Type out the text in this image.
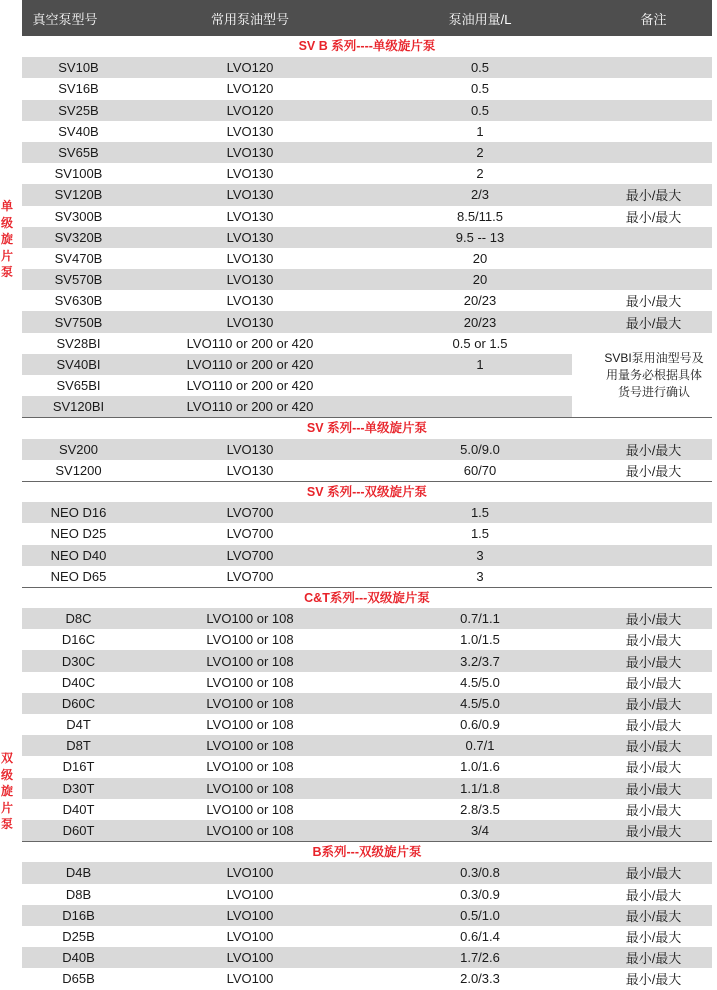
单级旋片泵
双级旋片泵
真空泵型号	常用泵油型号	泵油用量/L	备注
SV B 系列----单级旋片泵
SV10B	LVO120	0.5
SV16B	LVO120	0.5
SV25B	LVO120	0.5
SV40B	LVO130	1
SV65B	LVO130	2
SV100B	LVO130	2
SV120B	LVO130	2/3	最小/最大
SV300B	LVO130	8.5/11.5	最小/最大
SV320B	LVO130	9.5 -- 13
SV470B	LVO130	20
SV570B	LVO130	20
SV630B	LVO130	20/23	最小/最大
SV750B	LVO130	20/23	最小/最大
SV28BI	LVO110 or 200 or 420	0.5 or 1.5
SV40BI	LVO110 or 200 or 420	1
SV65BI	LVO110 or 200 or 420
SV120BI	LVO110 or 200 or 420
SVBI泵用油型号及
用量务必根据具体
货号进行确认
SV 系列---单级旋片泵
SV200	LVO130	5.0/9.0	最小/最大
SV1200	LVO130	60/70	最小/最大
SV 系列---双级旋片泵
NEO D16	LVO700	1.5
NEO D25	LVO700	1.5
NEO D40	LVO700	3
NEO D65	LVO700	3
C&T系列---双级旋片泵
D8C	LVO100 or 108	0.7/1.1	最小/最大
D16C	LVO100 or 108	1.0/1.5	最小/最大
D30C	LVO100 or 108	3.2/3.7	最小/最大
D40C	LVO100 or 108	4.5/5.0	最小/最大
D60C	LVO100 or 108	4.5/5.0	最小/最大
D4T	LVO100 or 108	0.6/0.9	最小/最大
D8T	LVO100 or 108	0.7/1	最小/最大
D16T	LVO100 or 108	1.0/1.6	最小/最大
D30T	LVO100 or 108	1.1/1.8	最小/最大
D40T	LVO100 or 108	2.8/3.5	最小/最大
D60T	LVO100 or 108	3/4	最小/最大
B系列---双级旋片泵
D4B	LVO100	0.3/0.8	最小/最大
D8B	LVO100	0.3/0.9	最小/最大
D16B	LVO100	0.5/1.0	最小/最大
D25B	LVO100	0.6/1.4	最小/最大
D40B	LVO100	1.7/2.6	最小/最大
D65B	LVO100	2.0/3.3	最小/最大
